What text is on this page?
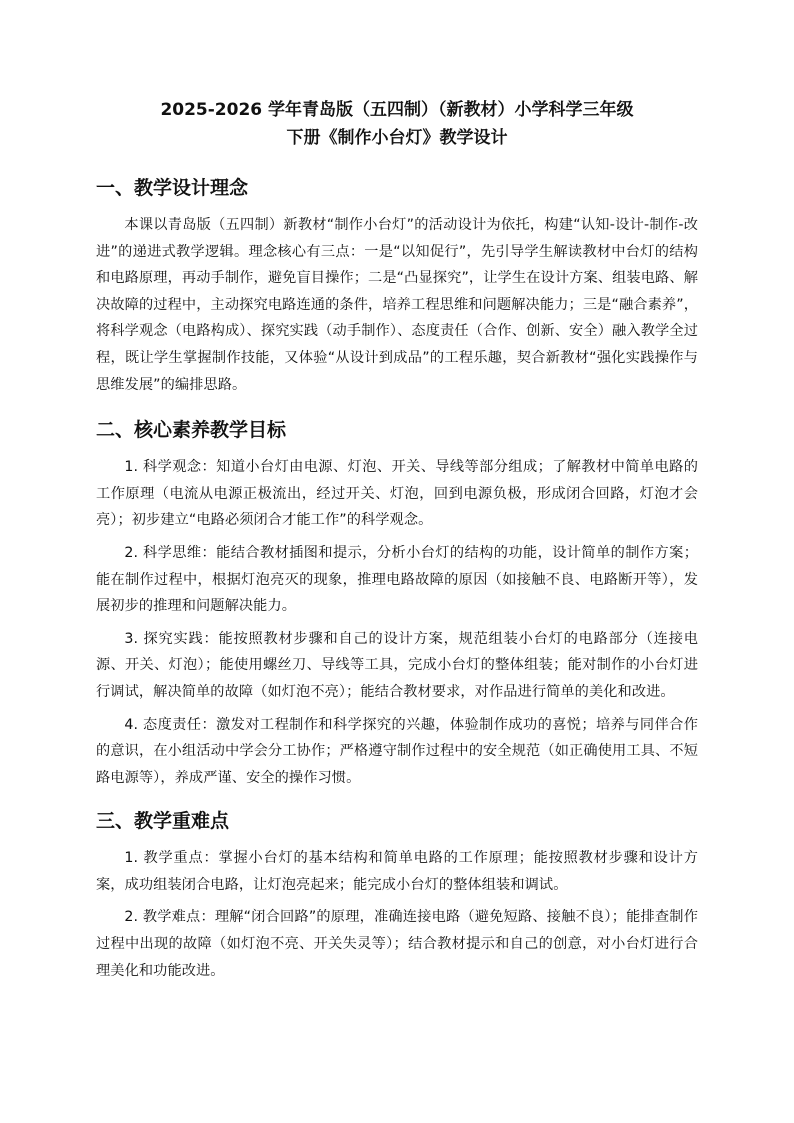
2025-2026 学年青岛版（五四制）（新教材）小学科学三年级
下册《制作小台灯》教学设计
一、教学设计理念

本课以青岛版（五四制）新教材“制作小台灯”的活动设计为依托，构建“认知-设计-制作-改进”的递进式教学逻辑。理念核心有三点：一是“以知促行”，先引导学生解读教材中台灯的结构和电路原理，再动手制作，避免盲目操作；二是“凸显探究”，让学生在设计方案、组装电路、解决故障的过程中，主动探究电路连通的条件，培养工程思维和问题解决能力；三是“融合素养”，将科学观念（电路构成）、探究实践（动手制作）、态度责任（合作、创新、安全）融入教学全过程，既让学生掌握制作技能，又体验“从设计到成品”的工程乐趣，契合新教材“强化实践操作与思维发展”的编排思路。

二、核心素养教学目标

1. 科学观念：知道小台灯由电源、灯泡、开关、导线等部分组成；了解教材中简单电路的工作原理（电流从电源正极流出，经过开关、灯泡，回到电源负极，形成闭合回路，灯泡才会亮）；初步建立“电路必须闭合才能工作”的科学观念。

2. 科学思维：能结合教材插图和提示，分析小台灯的结构的功能，设计简单的制作方案；能在制作过程中，根据灯泡亮灭的现象，推理电路故障的原因（如接触不良、电路断开等），发展初步的推理和问题解决能力。

3. 探究实践：能按照教材步骤和自己的设计方案，规范组装小台灯的电路部分（连接电源、开关、灯泡）；能使用螺丝刀、导线等工具，完成小台灯的整体组装；能对制作的小台灯进行调试，解决简单的故障（如灯泡不亮）；能结合教材要求，对作品进行简单的美化和改进。

4. 态度责任：激发对工程制作和科学探究的兴趣，体验制作成功的喜悦；培养与同伴合作的意识，在小组活动中学会分工协作；严格遵守制作过程中的安全规范（如正确使用工具、不短路电源等），养成严谨、安全的操作习惯。

三、教学重难点

1. 教学重点：掌握小台灯的基本结构和简单电路的工作原理；能按照教材步骤和设计方案，成功组装闭合电路，让灯泡亮起来；能完成小台灯的整体组装和调试。

2. 教学难点：理解“闭合回路”的原理，准确连接电路（避免短路、接触不良）；能排查制作过程中出现的故障（如灯泡不亮、开关失灵等）；结合教材提示和自己的创意，对小台灯进行合理美化和功能改进。
